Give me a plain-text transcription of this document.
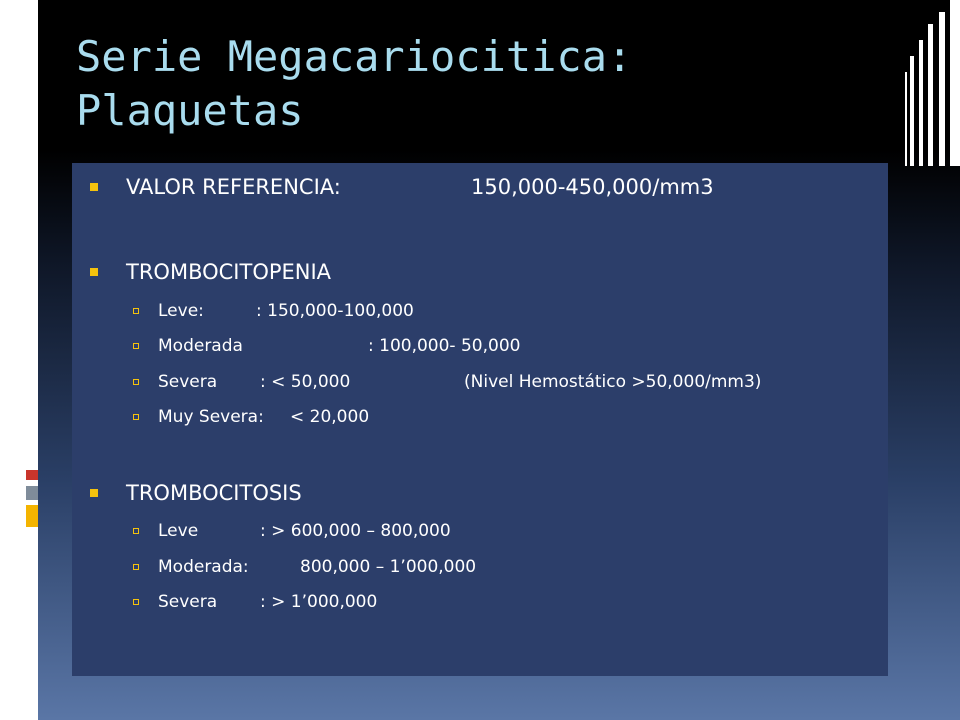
Serie Megacariocitica:
Plaquetas
VALOR REFERENCIA:	150,000-450,000/mm3
TROMBOCITOPENIA
Leve:	: 150,000-100,000
Moderada	: 100,000- 50,000
Severa	: < 50,000	(Nivel Hemostático >50,000/mm3)
Muy Severa: < 20,000
TROMBOCITOSIS
Leve	: > 600,000 – 800,000
Moderada:	800,000 – 1’000,000
Severa	: > 1’000,000
